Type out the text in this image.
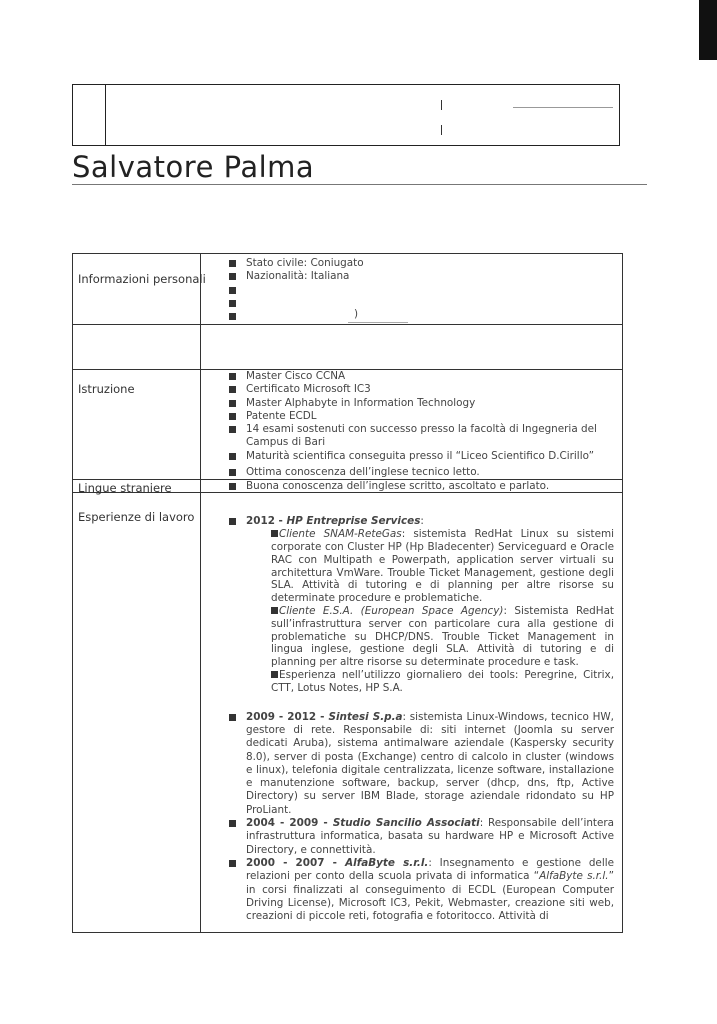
Salvatore Palma
Informazioni personali
Istruzione
Lingue straniere
Esperienze di lavoro
Stato civile: Coniugato
Nazionalità: Italiana
)
Master Cisco CCNA
Certificato Microsoft IC3
Master Alphabyte in Information Technology
Patente ECDL
14 esami sostenuti con successo presso la facoltà di Ingegneria del Campus di Bari
Maturità scientifica conseguita presso il “Liceo Scientifico D.Cirillo”
Ottima conoscenza dell’inglese tecnico letto.
Buona conoscenza dell’inglese scritto, ascoltato e parlato.
2012 - HP Entreprise Services:
Cliente SNAM-ReteGas: sistemista RedHat Linux su sistemi corporate con Cluster HP (Hp Bladecenter) Serviceguard e Oracle RAC con Multipath e Powerpath, application server virtuali su architettura VmWare. Trouble Ticket Management, gestione degli SLA. Attività di tutoring e di planning per altre risorse su determinate procedure e problematiche.
Cliente E.S.A. (European Space Agency): Sistemista RedHat sull’infrastruttura server con particolare cura alla gestione di problematiche su DHCP/DNS. Trouble Ticket Management in lingua inglese, gestione degli SLA. Attività di tutoring e di planning per altre risorse su determinate procedure e task.
Esperienza nell’utilizzo giornaliero dei tools: Peregrine, Citrix, CTT, Lotus Notes, HP S.A.
2009 - 2012 - Sintesi S.p.a: sistemista Linux-Windows, tecnico HW, gestore di rete. Responsabile di: siti internet (Joomla su server dedicati Aruba), sistema antimalware aziendale (Kaspersky security 8.0), server di posta (Exchange) centro di calcolo in cluster (windows e linux), telefonia digitale centralizzata, licenze software, installazione e manutenzione software, backup, server (dhcp, dns, ftp, Active Directory) su server IBM Blade, storage aziendale ridondato su HP ProLiant.
2004 - 2009 - Studio Sancilio Associati: Responsabile dell’intera infrastruttura informatica, basata su hardware HP e Microsoft Active Directory, e connettività.
2000 - 2007 - AlfaByte s.r.l.: Insegnamento e gestione delle relazioni per conto della scuola privata di informatica “AlfaByte s.r.l.” in corsi finalizzati al conseguimento di ECDL (European Computer Driving License), Microsoft IC3, Pekit, Webmaster, creazione siti web, creazioni di piccole reti, fotografia e fotoritocco. Attività di
